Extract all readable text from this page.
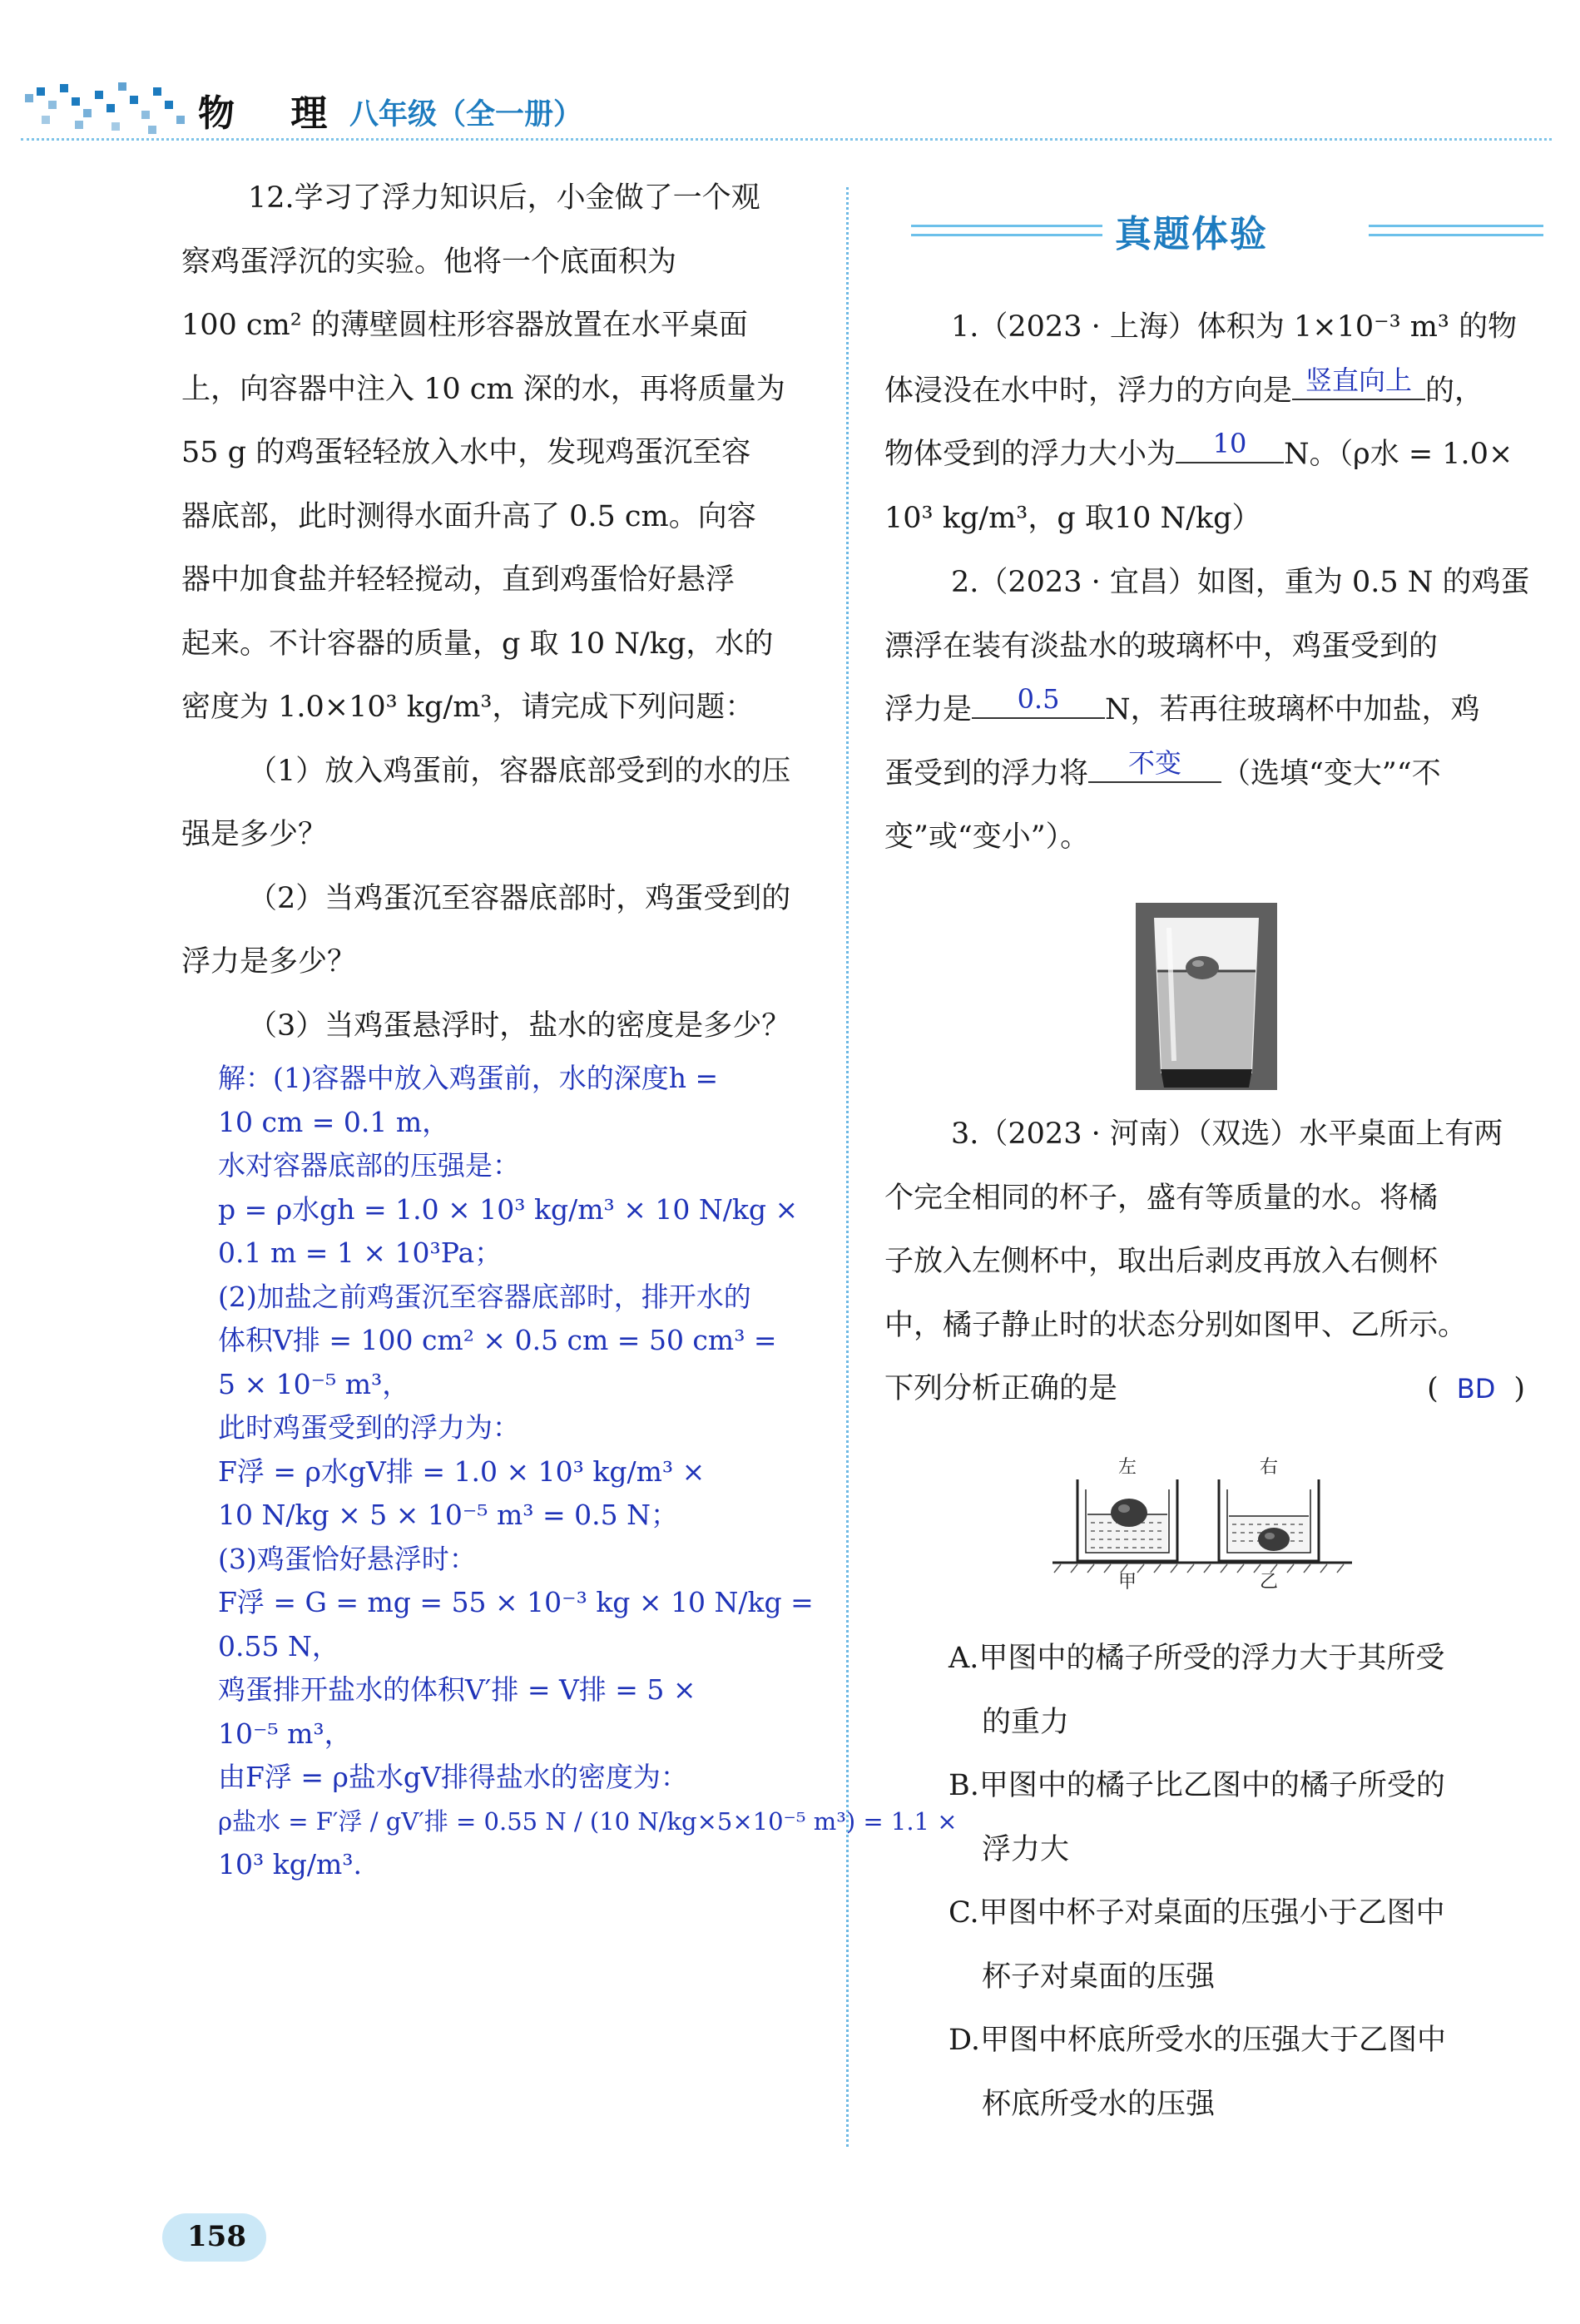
物 理 八年级（全一册）
12.学习了浮力知识后，小金做了一个观
察鸡蛋浮沉的实验。他将一个底面积为
100 cm² 的薄壁圆柱形容器放置在水平桌面
上，向容器中注入 10 cm 深的水，再将质量为
55 g 的鸡蛋轻轻放入水中，发现鸡蛋沉至容
器底部，此时测得水面升高了 0.5 cm。向容
器中加食盐并轻轻搅动，直到鸡蛋恰好悬浮
起来。不计容器的质量，g 取 10 N/kg，水的
密度为 1.0×10³ kg/m³，请完成下列问题：
（1）放入鸡蛋前，容器底部受到的水的压
强是多少？
（2）当鸡蛋沉至容器底部时，鸡蛋受到的
浮力是多少？
（3）当鸡蛋悬浮时，盐水的密度是多少？
解：(1)容器中放入鸡蛋前，水的深度h =
10 cm = 0.1 m，
水对容器底部的压强是：
p = ρ水gh = 1.0 × 10³ kg/m³ × 10 N/kg ×
0.1 m = 1 × 10³Pa；
(2)加盐之前鸡蛋沉至容器底部时，排开水的
体积V排 = 100 cm² × 0.5 cm = 50 cm³ =
5 × 10⁻⁵ m³，
此时鸡蛋受到的浮力为：
F浮 = ρ水gV排 = 1.0 × 10³ kg/m³ ×
10 N/kg × 5 × 10⁻⁵ m³ = 0.5 N；
(3)鸡蛋恰好悬浮时：
F浮 = G = mg = 55 × 10⁻³ kg × 10 N/kg =
0.55 N，
鸡蛋排开盐水的体积V′排 = V排 = 5 ×
10⁻⁵ m³，
由F浮 = ρ盐水gV排得盐水的密度为：
ρ盐水 = F′浮 / gV′排 = 0.55 N / (10 N/kg×5×10⁻⁵ m³) = 1.1 ×
10³ kg/m³.
真题体验
1.（2023 · 上海）体积为 1×10⁻³ m³ 的物
体浸没在水中时，浮力的方向是 竖直向上 的，
物体受到的浮力大小为	10	N。（ρ水 = 1.0×
10³ kg/m³，g 取10 N/kg）
2.（2023 · 宜昌）如图，重为 0.5 N 的鸡蛋
漂浮在装有淡盐水的玻璃杯中，鸡蛋受到的
浮力是	0.5	N，若再往玻璃杯中加盐，鸡
蛋受到的浮力将	不变	（选填“变大”“不
变”或“变小”）。
3.（2023 · 河南）（双选）水平桌面上有两
个完全相同的杯子，盛有等质量的水。将橘
子放入左侧杯中，取出后剥皮再放入右侧杯
中，橘子静止时的状态分别如图甲、乙所示。
下列分析正确的是	( BD )
左	右
甲	乙
A.甲图中的橘子所受的浮力大于其所受
的重力
B.甲图中的橘子比乙图中的橘子所受的
浮力大
C.甲图中杯子对桌面的压强小于乙图中
杯子对桌面的压强
D.甲图中杯底所受水的压强大于乙图中
杯底所受水的压强
158
